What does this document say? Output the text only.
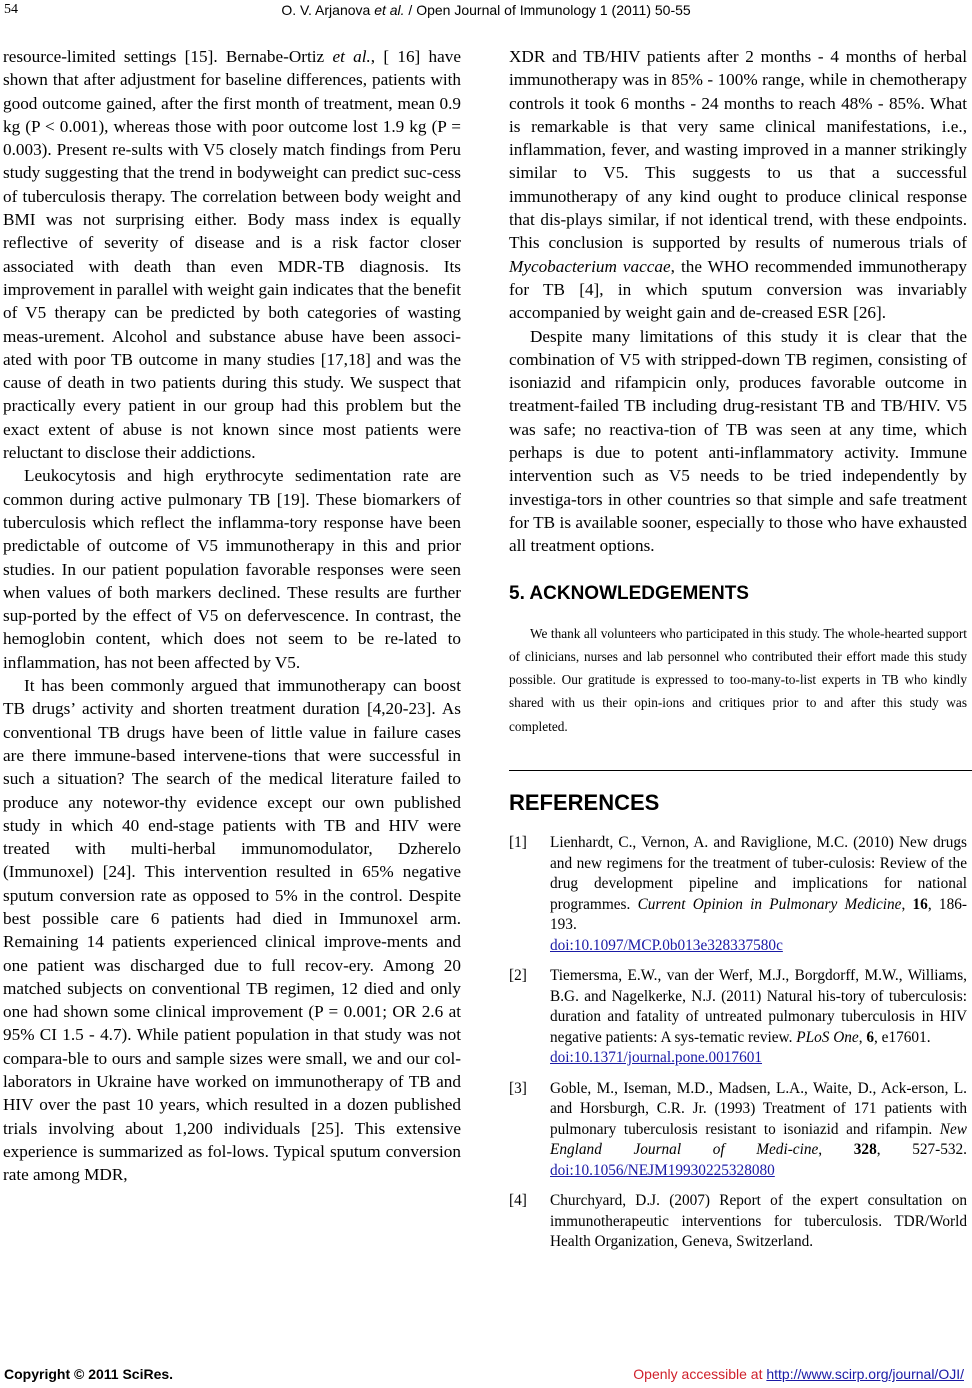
54	O. V. Arjanova et al. / Open Journal of Immunology 1 (2011) 50-55

resource-limited settings [15]. Bernabe-Ortiz et al., [ 16] have shown that after adjustment for baseline differences, patients with good outcome gained, after the first month of treatment, mean 0.9 kg (P < 0.001), whereas those with poor outcome lost 1.9 kg (P = 0.003). Present re-sults with V5 closely match findings from Peru study suggesting that the trend in bodyweight can predict suc-cess of tuberculosis therapy. The correlation between body weight and BMI was not surprising either. Body mass index is equally reflective of severity of disease and is a risk factor closer associated with death than even MDR-TB diagnosis. Its improvement in parallel with weight gain indicates that the benefit of V5 therapy can be predicted by both categories of wasting meas-urement. Alcohol and substance abuse have been associ-ated with poor TB outcome in many studies [17,18] and was the cause of death in two patients during this study. We suspect that practically every patient in our group had this problem but the exact extent of abuse is not known since most patients were reluctant to disclose their addictions.

Leukocytosis and high erythrocyte sedimentation rate are common during active pulmonary TB [19]. These biomarkers of tuberculosis which reflect the inflamma-tory response have been predictable of outcome of V5 immunotherapy in this and prior studies. In our patient population favorable responses were seen when values of both markers declined. These results are further sup-ported by the effect of V5 on defervescence. In contrast, the hemoglobin content, which does not seem to be re-lated to inflammation, has not been affected by V5.

It has been commonly argued that immunotherapy can boost TB drugs’ activity and shorten treatment duration [4,20-23]. As conventional TB drugs have been of little value in failure cases are there immune-based intervene-tions that were successful in such a situation? The search of the medical literature failed to produce any notewor-thy evidence except our own published study in which 40 end-stage patients with TB and HIV were treated with multi-herbal immunomodulator, Dzherelo (Immunoxel) [24]. This intervention resulted in 65% negative sputum conversion rate as opposed to 5% in the control. Despite best possible care 6 patients had died in Immunoxel arm. Remaining 14 patients experienced clinical improve-ments and one patient was discharged due to full recov-ery. Among 20 matched subjects on conventional TB regimen, 12 died and only one had shown some clinical improvement (P = 0.001; OR 2.6 at 95% CI 1.5 - 4.7). While patient population in that study was not compara-ble to ours and sample sizes were small, we and our col-laborators in Ukraine have worked on immunotherapy of TB and HIV over the past 10 years, which resulted in a dozen published trials involving about 1,200 individuals [25]. This extensive experience is summarized as fol-lows. Typical sputum conversion rate among MDR,

XDR and TB/HIV patients after 2 months - 4 months of herbal immunotherapy was in 85% - 100% range, while in chemotherapy controls it took 6 months - 24 months to reach 48% - 85%. What is remarkable is that very same clinical manifestations, i.e., inflammation, fever, and wasting improved in a manner strikingly similar to V5. This suggests to us that a successful immunotherapy of any kind ought to produce clinical response that dis-plays similar, if not identical trend, with these endpoints. This conclusion is supported by results of numerous trials of Mycobacterium vaccae, the WHO recommended immunotherapy for TB [4], in which sputum conversion was invariably accompanied by weight gain and de-creased ESR [26].

Despite many limitations of this study it is clear that the combination of V5 with stripped-down TB regimen, consisting of isoniazid and rifampicin only, produces favorable outcome in treatment-failed TB including drug-resistant TB and TB/HIV. V5 was safe; no reactiva-tion of TB was seen at any time, which perhaps is due to potent anti-inflammatory activity. Immune intervention such as V5 needs to be tried independently by investiga-tors in other countries so that simple and safe treatment for TB is available sooner, especially to those who have exhausted all treatment options.

5. ACKNOWLEDGEMENTS

We thank all volunteers who participated in this study. The whole-hearted support of clinicians, nurses and lab personnel who contributed their effort made this study possible. Our gratitude is expressed to too-many-to-list experts in TB who kindly shared with us their opin-ions and critiques prior to and after this study was completed.

REFERENCES
[1]	Lienhardt, C., Vernon, A. and Raviglione, M.C. (2010) New drugs and new regimens for the treatment of tuber-culosis: Review of the drug development pipeline and implications for national programmes. Current Opinion in Pulmonary Medicine, 16, 186-193.
doi:10.1097/MCP.0b013e328337580c
[2]	Tiemersma, E.W., van der Werf, M.J., Borgdorff, M.W., Williams, B.G. and Nagelkerke, N.J. (2011) Natural his-tory of tuberculosis: duration and fatality of untreated pulmonary tuberculosis in HIV negative patients: A sys-tematic review. PLoS One, 6, e17601.
doi:10.1371/journal.pone.0017601
[3]	Goble, M., Iseman, M.D., Madsen, L.A., Waite, D., Ack-erson, L. and Horsburgh, C.R. Jr. (1993) Treatment of 171 patients with pulmonary tuberculosis resistant to isoniazid and rifampin. New England Journal of Medi-cine, 328, 527-532. doi:10.1056/NEJM199302253280​80
[4]	Churchyard, D.J. (2007) Report of the expert consultation on immunotherapeutic interventions for tuberculosis. TDR/World Health Organization, Geneva, Switzerland.
Copyright © 2011 SciRes.	Openly accessible at http://www.scirp.org/journal/OJI/
